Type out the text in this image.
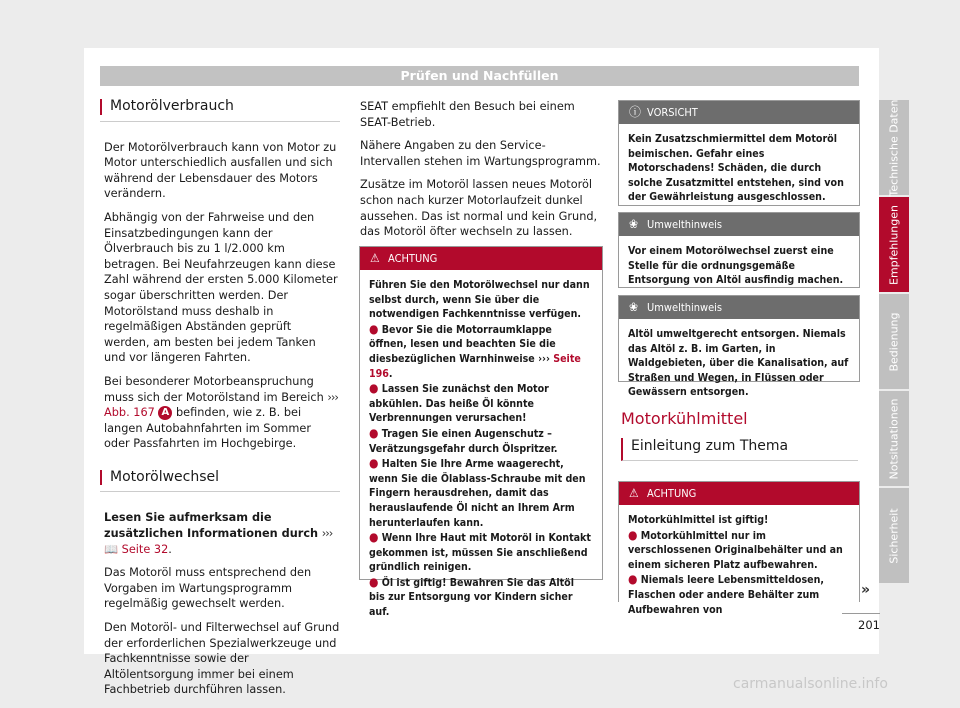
Prüfen und Nachfüllen
Motorölverbrauch

Der Motorölverbrauch kann von Motor zu Motor unterschiedlich ausfallen und sich während der Lebensdauer des Motors verändern.

Abhängig von der Fahrweise und den Einsatzbedingungen kann der Ölverbrauch bis zu 1 l/2.000 km betragen. Bei Neufahrzeugen kann diese Zahl während der ersten 5.000 Kilometer sogar überschritten werden. Der Motorölstand muss deshalb in regelmäßigen Abständen geprüft werden, am besten bei jedem Tanken und vor längeren Fahrten.

Bei besonderer Motorbeanspruchung muss sich der Motorölstand im Bereich ››› Abb. 167 A befinden, wie z. B. bei langen Autobahnfahrten im Sommer oder Passfahrten im Hochgebirge.

Motorölwechsel

Lesen Sie aufmerksam die zusätzlichen Informationen durch ››› 📖 Seite 32.

Das Motoröl muss entsprechend den Vorgaben im Wartungsprogramm regelmäßig gewechselt werden.

Den Motoröl- und Filterwechsel auf Grund der erforderlichen Spezialwerkzeuge und Fachkenntnisse sowie der Altölentsorgung immer bei einem Fachbetrieb durchführen lassen.

SEAT empfiehlt den Besuch bei einem SEAT-Betrieb.

Nähere Angaben zu den Service-Intervallen stehen im Wartungsprogramm.

Zusätze im Motoröl lassen neues Motoröl schon nach kurzer Motorlaufzeit dunkel aussehen. Das ist normal und kein Grund, das Motoröl öfter wechseln zu lassen.

⚠ ACHTUNG

Führen Sie den Motorölwechsel nur dann selbst durch, wenn Sie über die notwendigen Fachkenntnisse verfügen.

● Bevor Sie die Motorraumklappe öffnen, lesen und beachten Sie die diesbezüglichen Warnhinweise ››› Seite 196.

● Lassen Sie zunächst den Motor abkühlen. Das heiße Öl könnte Verbrennungen verursachen!

● Tragen Sie einen Augenschutz – Verätzungsgefahr durch Ölspritzer.

● Halten Sie Ihre Arme waagerecht, wenn Sie die Ölablass-Schraube mit den Fingern herausdrehen, damit das herauslaufende Öl nicht an Ihrem Arm herunterlaufen kann.

● Wenn Ihre Haut mit Motoröl in Kontakt gekommen ist, müssen Sie anschließend gründlich reinigen.

● Öl ist giftig! Bewahren Sie das Altöl bis zur Entsorgung vor Kindern sicher auf.

ⓘ VORSICHT
Kein Zusatzschmiermittel dem Motoröl beimischen. Gefahr eines Motorschadens! Schäden, die durch solche Zusatzmittel entstehen, sind von der Gewährleistung ausgeschlossen.
❀ Umwelthinweis
Vor einem Motorölwechsel zuerst eine Stelle für die ordnungsgemäße Entsorgung von Altöl ausfindig machen.
❀ Umwelthinweis
Altöl umweltgerecht entsorgen. Niemals das Altöl z. B. im Garten, in Waldgebieten, über die Kanalisation, auf Straßen und Wegen, in Flüssen oder Gewässern entsorgen.
Motorkühlmittel
Einleitung zum Thema
⚠ ACHTUNG

Motorkühlmittel ist giftig!

● Motorkühlmittel nur im verschlossenen Originalbehälter und an einem sicheren Platz aufbewahren.

● Niemals leere Lebensmitteldosen, Flaschen oder andere Behälter zum Aufbewahren von

»
Technische Daten
Empfehlungen
Bedienung
Notsituationen
Sicherheit
201
carmanualsonline.info
